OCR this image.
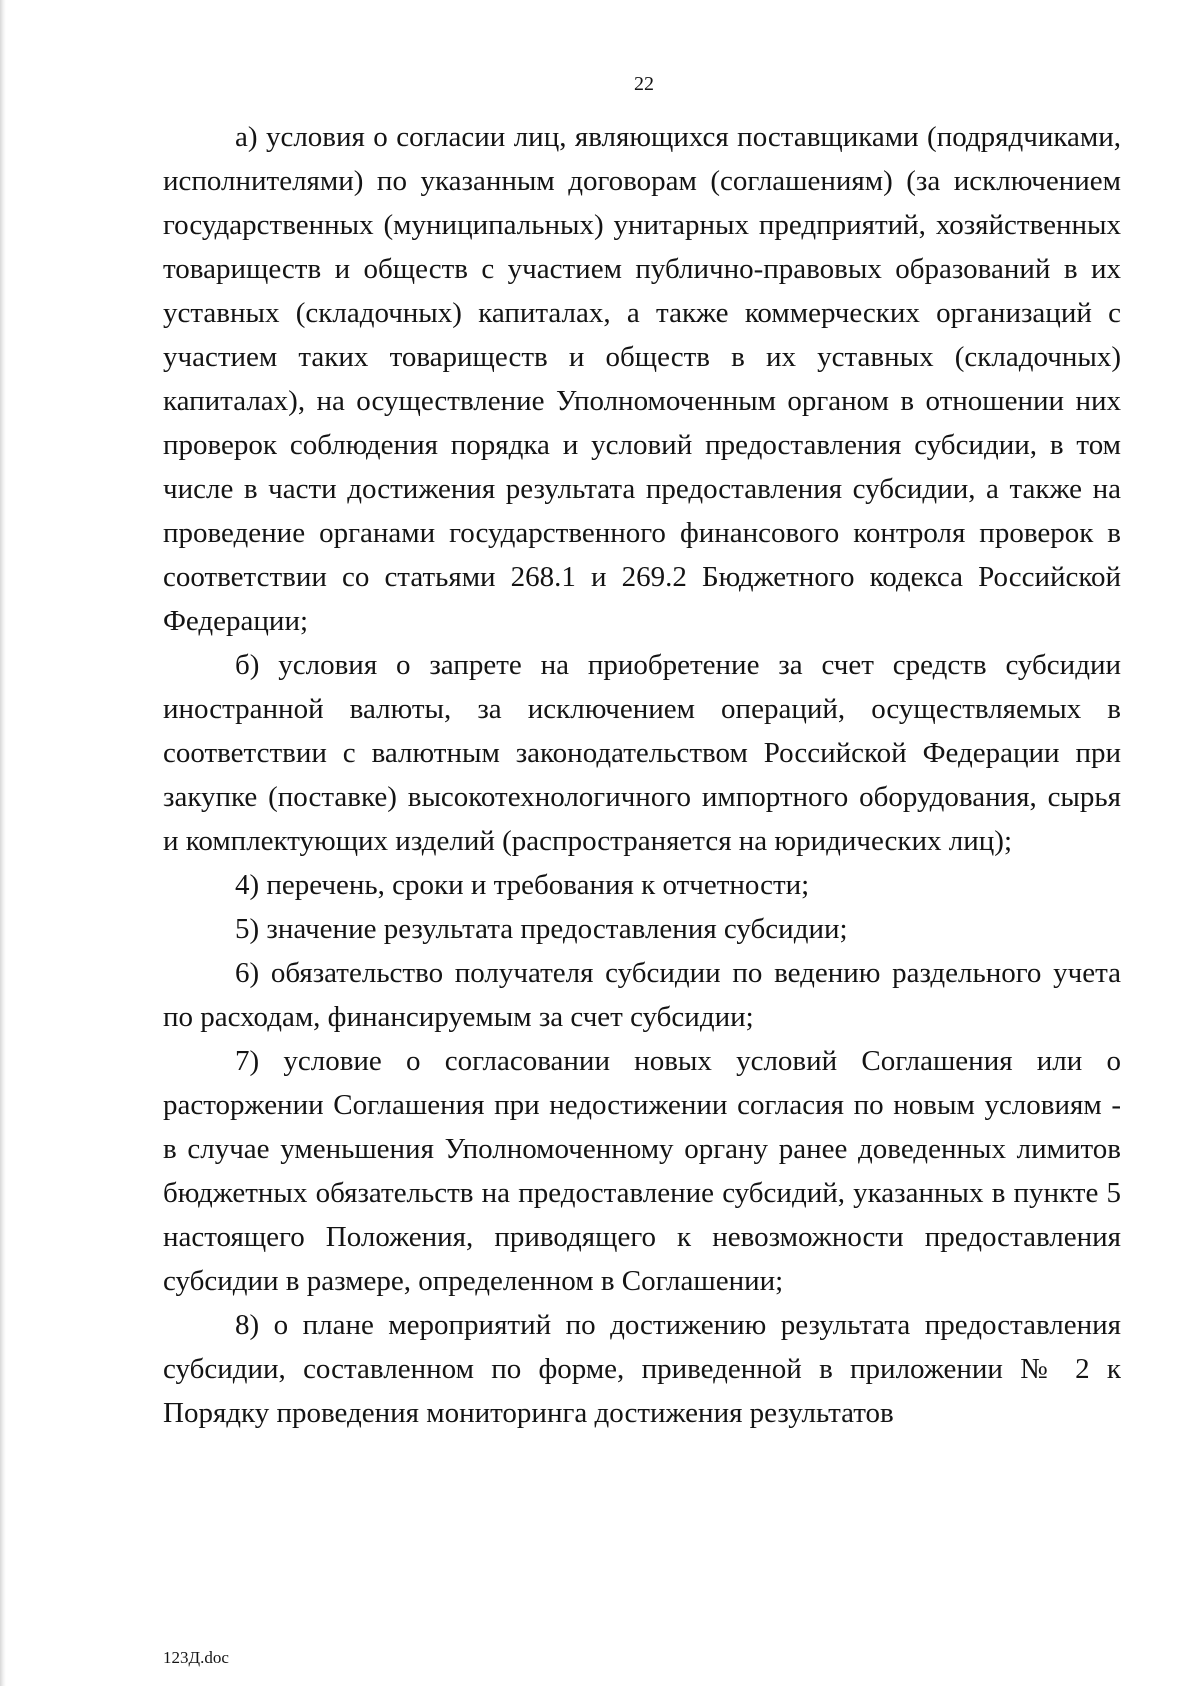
22

а) условия о согласии лиц, являющихся поставщиками (подрядчиками, исполнителями) по указанным договорам (соглашениям) (за исключением государственных (муниципальных) унитарных предприятий, хозяйственных товариществ и обществ с участием публично-правовых образований в их уставных (складочных) капиталах, а также коммерческих организаций с участием таких товариществ и обществ в их уставных (складочных) капиталах), на осуществление Уполномоченным органом в отношении них проверок соблюдения порядка и условий предоставления субсидии, в том числе в части достижения результата предоставления субсидии, а также на проведение органами государственного финансового контроля проверок в соответствии со статьями 268.1 и 269.2 Бюджетного кодекса Российской Федерации;

б) условия о запрете на приобретение за счет средств субсидии иностранной валюты, за исключением операций, осуществляемых в соответствии с валютным законодательством Российской Федерации при закупке (поставке) высокотехнологичного импортного оборудования, сырья и комплектующих изделий (распространяется на юридических лиц);

4) перечень, сроки и требования к отчетности;

5) значение результата предоставления субсидии;

6) обязательство получателя субсидии по ведению раздельного учета по расходам, финансируемым за счет субсидии;

7) условие о согласовании новых условий Соглашения или о расторжении Соглашения при недостижении согласия по новым условиям - в случае уменьшения Уполномоченному органу ранее доведенных лимитов бюджетных обязательств на предоставление субсидий, указанных в пункте 5 настоящего Положения, приводящего к невозможности предоставления субсидии в размере, определенном в Соглашении;

8) о плане мероприятий по достижению результата предоставления субсидии, составленном по форме, приведенной в приложении № 2 к Порядку проведения мониторинга достижения результатов

123Д.doc
